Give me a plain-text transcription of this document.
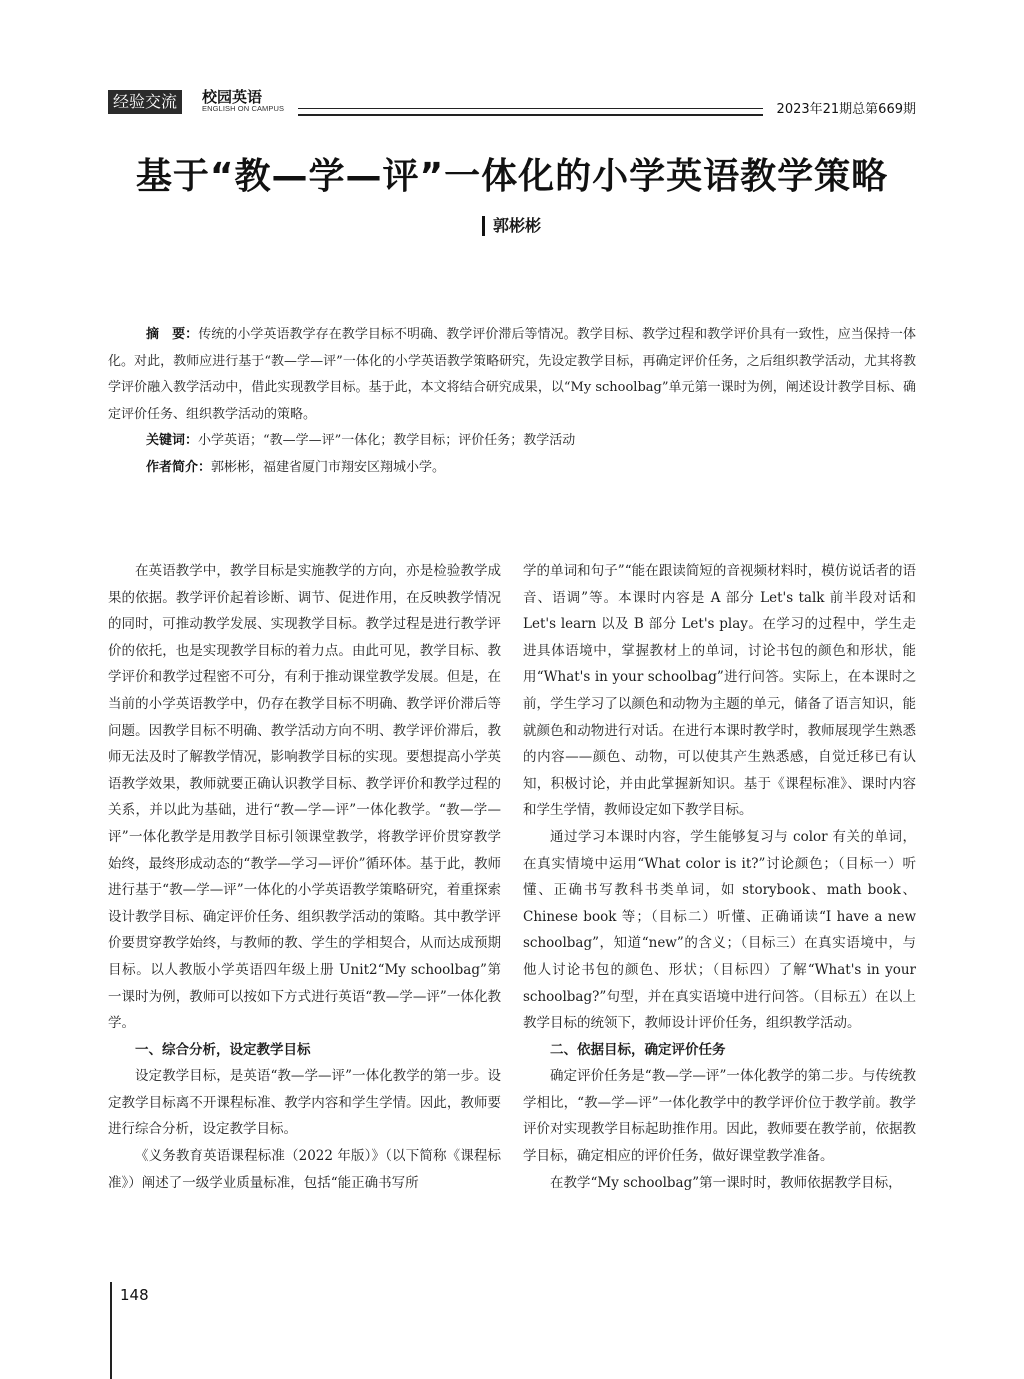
经验交流	校园英语
ENGLISH ON CAMPUS	2023年21期总第669期
基于“教—学—评”一体化的小学英语教学策略
郭彬彬

摘　要：传统的小学英语教学存在教学目标不明确、教学评价滞后等情况。教学目标、教学过程和教学评价具有一致性，应当保持一体化。对此，教师应进行基于“教—学—评”一体化的小学英语教学策略研究，先设定教学目标，再确定评价任务，之后组织教学活动，尤其将教学评价融入教学活动中，借此实现教学目标。基于此，本文将结合研究成果，以“My schoolbag”单元第一课时为例，阐述设计教学目标、确定评价任务、组织教学活动的策略。

关键词：小学英语；“教—学—评”一体化；教学目标；评价任务；教学活动

作者简介：郭彬彬，福建省厦门市翔安区翔城小学。

在英语教学中，教学目标是实施教学的方向，亦是检验教学成果的依据。教学评价起着诊断、调节、促进作用，在反映教学情况的同时，可推动教学发展、实现教学目标。教学过程是进行教学评价的依托，也是实现教学目标的着力点。由此可见，教学目标、教学评价和教学过程密不可分，有利于推动课堂教学发展。但是，在当前的小学英语教学中，仍存在教学目标不明确、教学评价滞后等问题。因教学目标不明确、教学活动方向不明、教学评价滞后，教师无法及时了解教学情况，影响教学目标的实现。要想提高小学英语教学效果，教师就要正确认识教学目标、教学评价和教学过程的关系，并以此为基础，进行“教—学—评”一体化教学。“教—学—评”一体化教学是用教学目标引领课堂教学，将教学评价贯穿教学始终，最终形成动态的“教学—学习—评价”循环体。基于此，教师进行基于“教—学—评”一体化的小学英语教学策略研究，着重探索设计教学目标、确定评价任务、组织教学活动的策略。其中教学评价要贯穿教学始终，与教师的教、学生的学相契合，从而达成预期目标。以人教版小学英语四年级上册 Unit2“My schoolbag”第一课时为例，教师可以按如下方式进行英语“教—学—评”一体化教学。

一、综合分析，设定教学目标

设定教学目标，是英语“教—学—评”一体化教学的第一步。设定教学目标离不开课程标准、教学内容和学生学情。因此，教师要进行综合分析，设定教学目标。

《义务教育英语课程标准（2022 年版）》（以下简称《课程标准》）阐述了一级学业质量标准，包括“能正确书写所

学的单词和句子”“能在跟读简短的音视频材料时，模仿说话者的语音、语调”等。本课时内容是 A 部分 Let's talk 前半段对话和 Let's learn 以及 B 部分 Let's play。在学习的过程中，学生走进具体语境中，掌握教材上的单词，讨论书包的颜色和形状，能用“What's in your schoolbag”进行问答。实际上，在本课时之前，学生学习了以颜色和动物为主题的单元，储备了语言知识，能就颜色和动物进行对话。在进行本课时教学时，教师展现学生熟悉的内容——颜色、动物，可以使其产生熟悉感，自觉迁移已有认知，积极讨论，并由此掌握新知识。基于《课程标准》、课时内容和学生学情，教师设定如下教学目标。

通过学习本课时内容，学生能够复习与 color 有关的单词，在真实情境中运用“What color is it?”讨论颜色；（目标一）听懂、正确书写教科书类单词，如 storybook、math book、Chinese book 等；（目标二）听懂、正确诵读“I have a new schoolbag”，知道“new”的含义；（目标三）在真实语境中，与他人讨论书包的颜色、形状；（目标四）了解“What's in your schoolbag?”句型，并在真实语境中进行问答。（目标五）在以上教学目标的统领下，教师设计评价任务，组织教学活动。

二、依据目标，确定评价任务

确定评价任务是“教—学—评”一体化教学的第二步。与传统教学相比，“教—学—评”一体化教学中的教学评价位于教学前。教学评价对实现教学目标起助推作用。因此，教师要在教学前，依据教学目标，确定相应的评价任务，做好课堂教学准备。

在教学“My schoolbag”第一课时时，教师依据教学目标，

148
